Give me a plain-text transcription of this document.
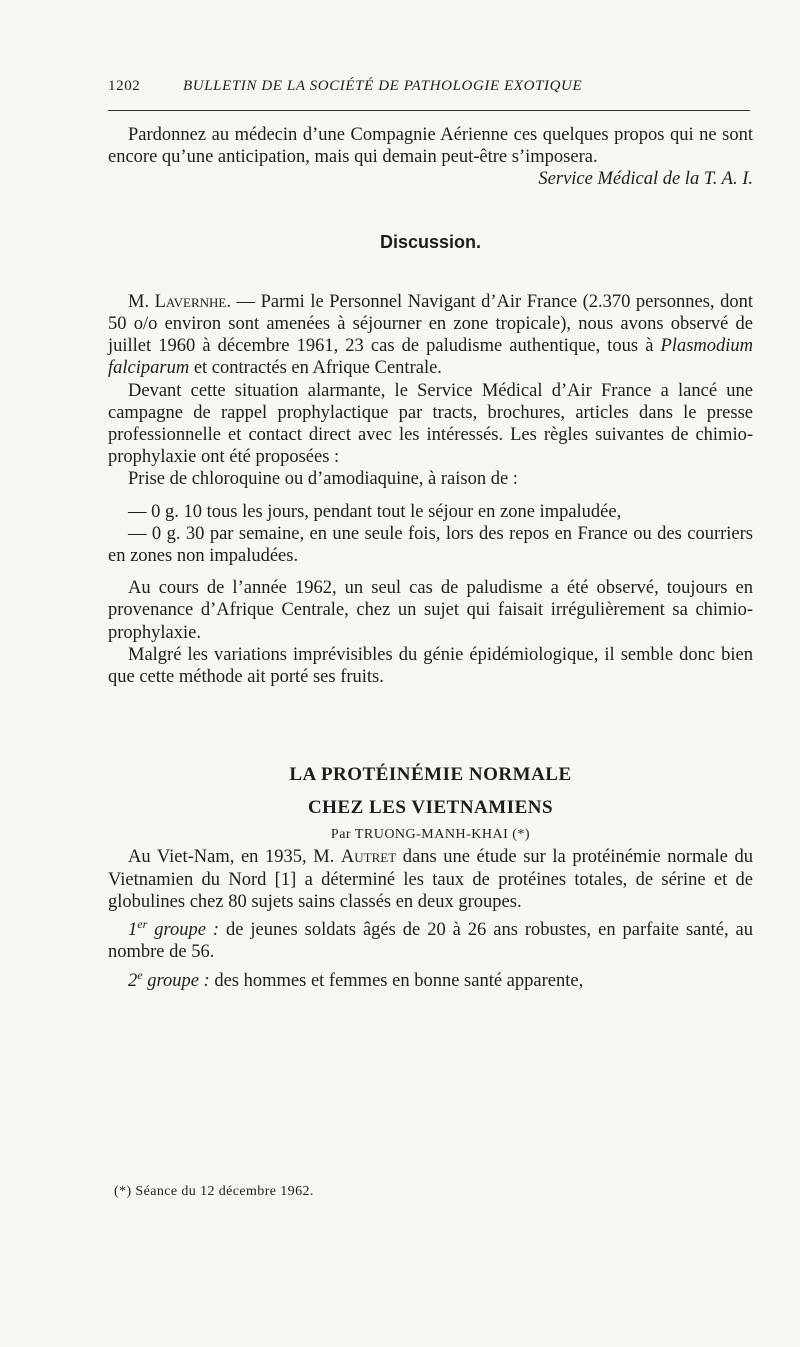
1202	BULLETIN DE LA SOCIÉTÉ DE PATHOLOGIE EXOTIQUE

Pardonnez au médecin d’une Compagnie Aérienne ces quelques propos qui ne sont encore qu’une anticipation, mais qui demain peut-être s’imposera.

Service Médical de la T. A. I.

Discussion.

M. Lavernhe. — Parmi le Personnel Navigant d’Air France (2.370 personnes, dont 50 o/o environ sont amenées à séjourner en zone tropicale), nous avons observé de juillet 1960 à décembre 1961, 23 cas de paludisme authentique, tous à Plasmodium falciparum et contractés en Afrique Centrale.

Devant cette situation alarmante, le Service Médical d’Air France a lancé une campagne de rappel prophylactique par tracts, brochures, articles dans le presse professionnelle et contact direct avec les intéressés. Les règles suivantes de chimio-prophylaxie ont été proposées :

Prise de chloroquine ou d’amodiaquine, à raison de :

— 0 g. 10 tous les jours, pendant tout le séjour en zone impaludée,

— 0 g. 30 par semaine, en une seule fois, lors des repos en France ou des courriers en zones non impaludées.

Au cours de l’année 1962, un seul cas de paludisme a été observé, toujours en provenance d’Afrique Centrale, chez un sujet qui faisait irrégulièrement sa chimio-prophylaxie.

Malgré les variations imprévisibles du génie épidémiologique, il semble donc bien que cette méthode ait porté ses fruits.

LA PROTÉINÉMIE NORMALE
CHEZ LES VIETNAMIENS

Par TRUONG-MANH-KHAI (*)

Au Viet-Nam, en 1935, M. Autret dans une étude sur la protéinémie normale du Vietnamien du Nord [1] a déterminé les taux de protéines totales, de sérine et de globulines chez 80 sujets sains classés en deux groupes.

1er groupe : de jeunes soldats âgés de 20 à 26 ans robustes, en parfaite santé, au nombre de 56.

2e groupe : des hommes et femmes en bonne santé apparente,

(*) Séance du 12 décembre 1962.
